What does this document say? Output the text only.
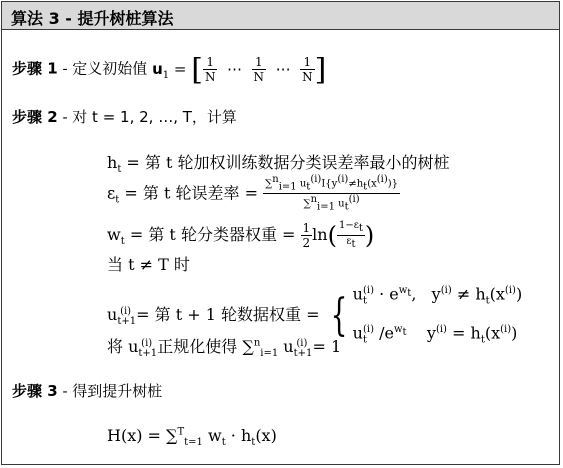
算法 3 - 提升树桩算法
步骤 1 - 定义初始值 $u_1$ = [ $\frac{1}{N}$ ⋯ $\frac{1}{N}$ ⋯ $\frac{1}{N}$ ]
步骤 2 - 对 t = 1, 2, …, T，计算
$h_t$ = 第 t 轮加权训练数据分类误差率最小的树桩
$\varepsilon_t$ = 第 t 轮误差率 = $\frac{\sum^n_{i=1} u_t^{(i)}I\{y^{(i)}\ne h_t(x^{(i)})\}}{\sum^n_{i=1} u_t^{(i)}}$
$w_t$ = 第 t 轮分类器权重 = $\frac{1}{2} \ln( \frac{1-\varepsilon_t}{\varepsilon_t}$ )
当 t ≠ T 时
$u_{t+1}^{(i)}$ = 第 t + 1 轮数据权重 = { $u_t^{(i)} \cdot e^{w_t}$,   $y^{(i)} \ne h_t(x^{(i)})$
$u_t^{(i)}$ $/e^{w_t}$    $y^{(i)} = h_t(x^{(i)})$
将 $u_{t+1}^{(i)}$ 正规化使得 ∑$^n_{i=1}$ $u_{t+1}^{(i)} = 1$
步骤 3 - 得到提升树桩
H(x) = ∑$^T_{t=1}$ $w_t \cdot h_t(x)$
